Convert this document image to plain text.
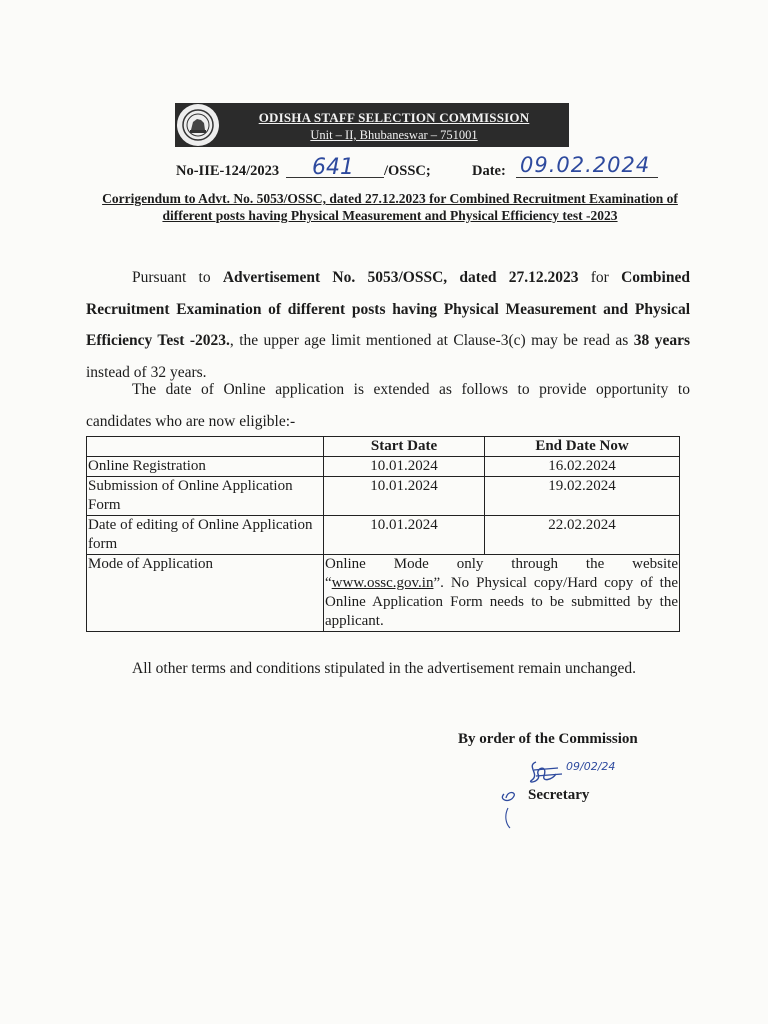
ODISHA STAFF SELECTION COMMISSION
Unit – II, Bhubaneswar – 751001
No-IIE-124/2023 641 /OSSC;	Date: 09.02.2024
Corrigendum to Advt. No. 5053/OSSC, dated 27.12.2023 for Combined Recruitment Examination of different posts having Physical Measurement and Physical Efficiency test -2023
Pursuant to Advertisement No. 5053/OSSC, dated 27.12.2023 for Combined Recruitment Examination of different posts having Physical Measurement and Physical Efficiency Test -2023., the upper age limit mentioned at Clause-3(c) may be read as 38 years instead of 32 years.
The date of Online application is extended as follows to provide opportunity to candidates who are now eligible:-
	Start Date	End Date Now
Online Registration	10.01.2024	16.02.2024
Submission of Online Application Form	10.01.2024	19.02.2024
Date of editing of Online Application form	10.01.2024	22.02.2024
Mode of Application	Online Mode only through the website “www.ossc.gov.in”. No Physical copy/Hard copy of the Online Application Form needs to be submitted by the applicant.	
All other terms and conditions stipulated in the advertisement remain unchanged.
By order of the Commission
09/02/24
Secretary
